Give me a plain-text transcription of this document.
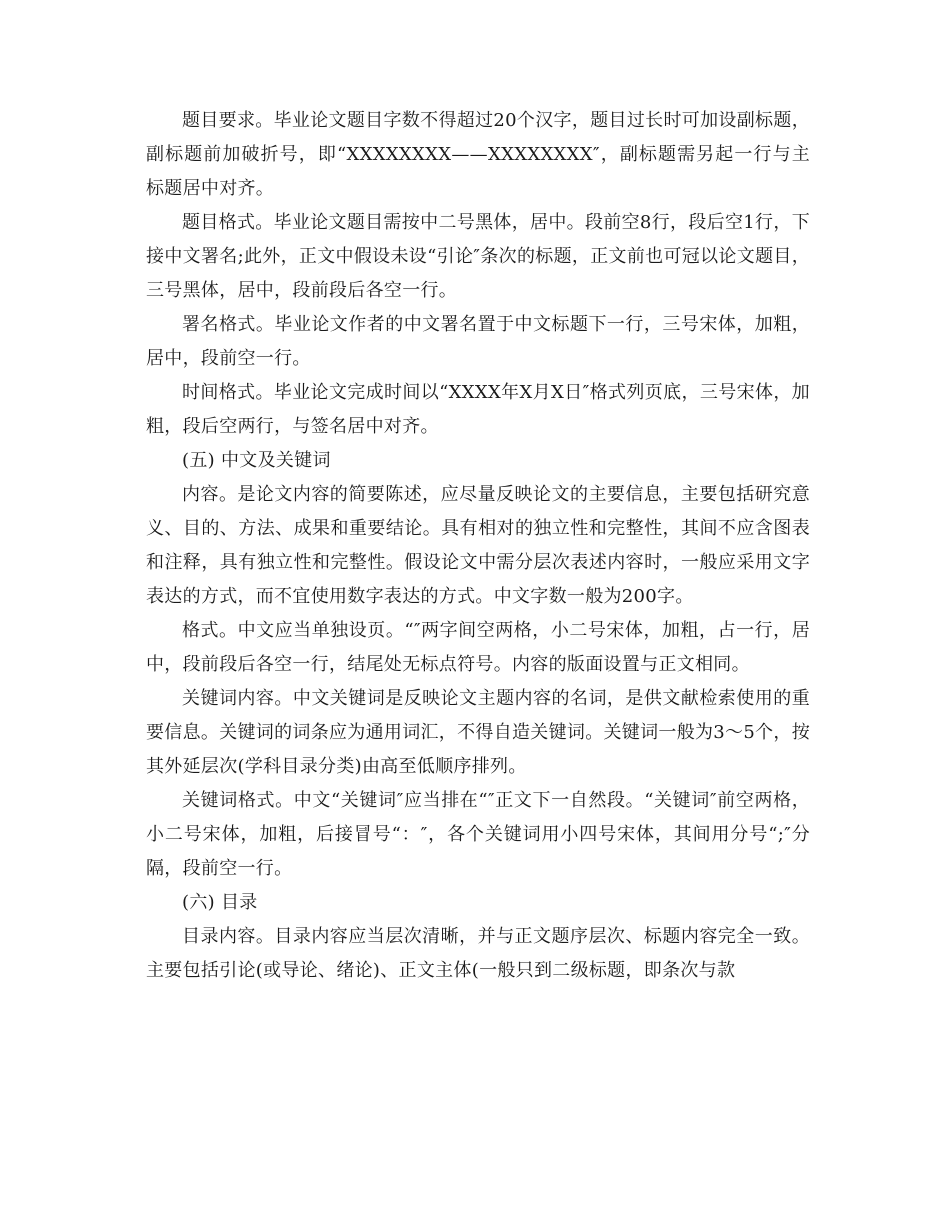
题目要求。毕业论文题目字数不得超过20个汉字，题目过长时可加设副标题，副标题前加破折号，即“XXXXXXXX——XXXXXXXX″，副标题需另起一行与主标题居中对齐。

题目格式。毕业论文题目需按中二号黑体，居中。段前空8行，段后空1行，下接中文署名;此外，正文中假设未设“引论″条次的标题，正文前也可冠以论文题目，三号黑体，居中，段前段后各空一行。

署名格式。毕业论文作者的中文署名置于中文标题下一行，三号宋体，加粗，居中，段前空一行。

时间格式。毕业论文完成时间以“XXXX年X月X日″格式列页底，三号宋体，加粗，段后空两行，与签名居中对齐。

(五) 中文及关键词

内容。是论文内容的简要陈述，应尽量反映论文的主要信息，主要包括研究意义、目的、方法、成果和重要结论。具有相对的独立性和完整性，其间不应含图表和注释，具有独立性和完整性。假设论文中需分层次表述内容时，一般应采用文字表达的方式，而不宜使用数字表达的方式。中文字数一般为200字。

格式。中文应当单独设页。“″两字间空两格，小二号宋体，加粗，占一行，居中，段前段后各空一行，结尾处无标点符号。内容的版面设置与正文相同。

关键词内容。中文关键词是反映论文主题内容的名词，是供文献检索使用的重要信息。关键词的词条应为通用词汇，不得自造关键词。关键词一般为3～5个，按其外延层次(学科目录分类)由高至低顺序排列。

关键词格式。中文“关键词″应当排在“″正文下一自然段。“关键词″前空两格，小二号宋体，加粗，后接冒号“：″，各个关键词用小四号宋体，其间用分号“;″分隔，段前空一行。

(六) 目录

目录内容。目录内容应当层次清晰，并与正文题序层次、标题内容完全一致。主要包括引论(或导论、绪论)、正文主体(一般只到二级标题，即条次与款
